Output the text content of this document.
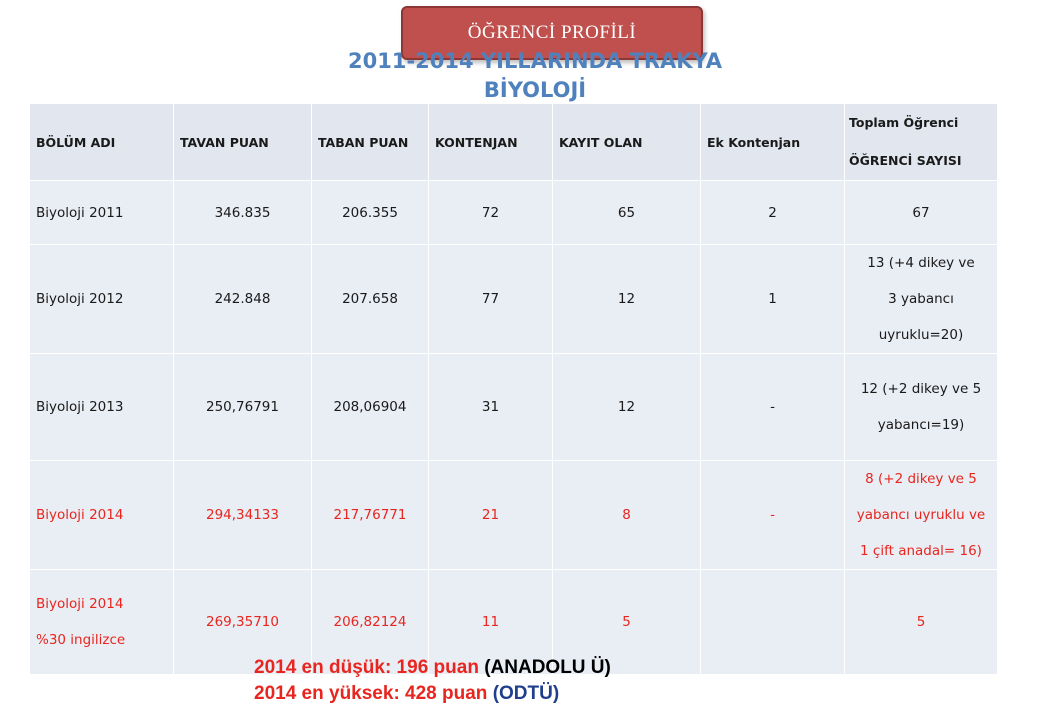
ÖĞRENCİ PROFİLİ
2011-2014 YILLARINDA TRAKYA
BİYOLOJİ
BÖLÜM ADI	TAVAN PUAN	TABAN PUAN	KONTENJAN	KAYIT OLAN	Ek Kontenjan	Toplam Öğrenci
ÖĞRENCİ SAYISI

Biyoloji 2011	346.835	206.355	72	65	2	67
Biyoloji 2012	242.848	207.658	77	12	1	13 (+4 dikey ve
3 yabancı
uyruklu=20)

Biyoloji 2013	250,76791	208,06904	31	12	-	12 (+2 dikey ve 5
yabancı=19)

Biyoloji 2014	294,34133	217,76771	21	8	-	8 (+2 dikey ve 5
yabancı uyruklu ve
1 çift anadal= 16)

Biyoloji 2014
%30 ingilizce	269,35710	206,82124	11	5		5
2014 en düşük: 196 puan (ANADOLU Ü)
2014 en yüksek: 428 puan (ODTÜ)
